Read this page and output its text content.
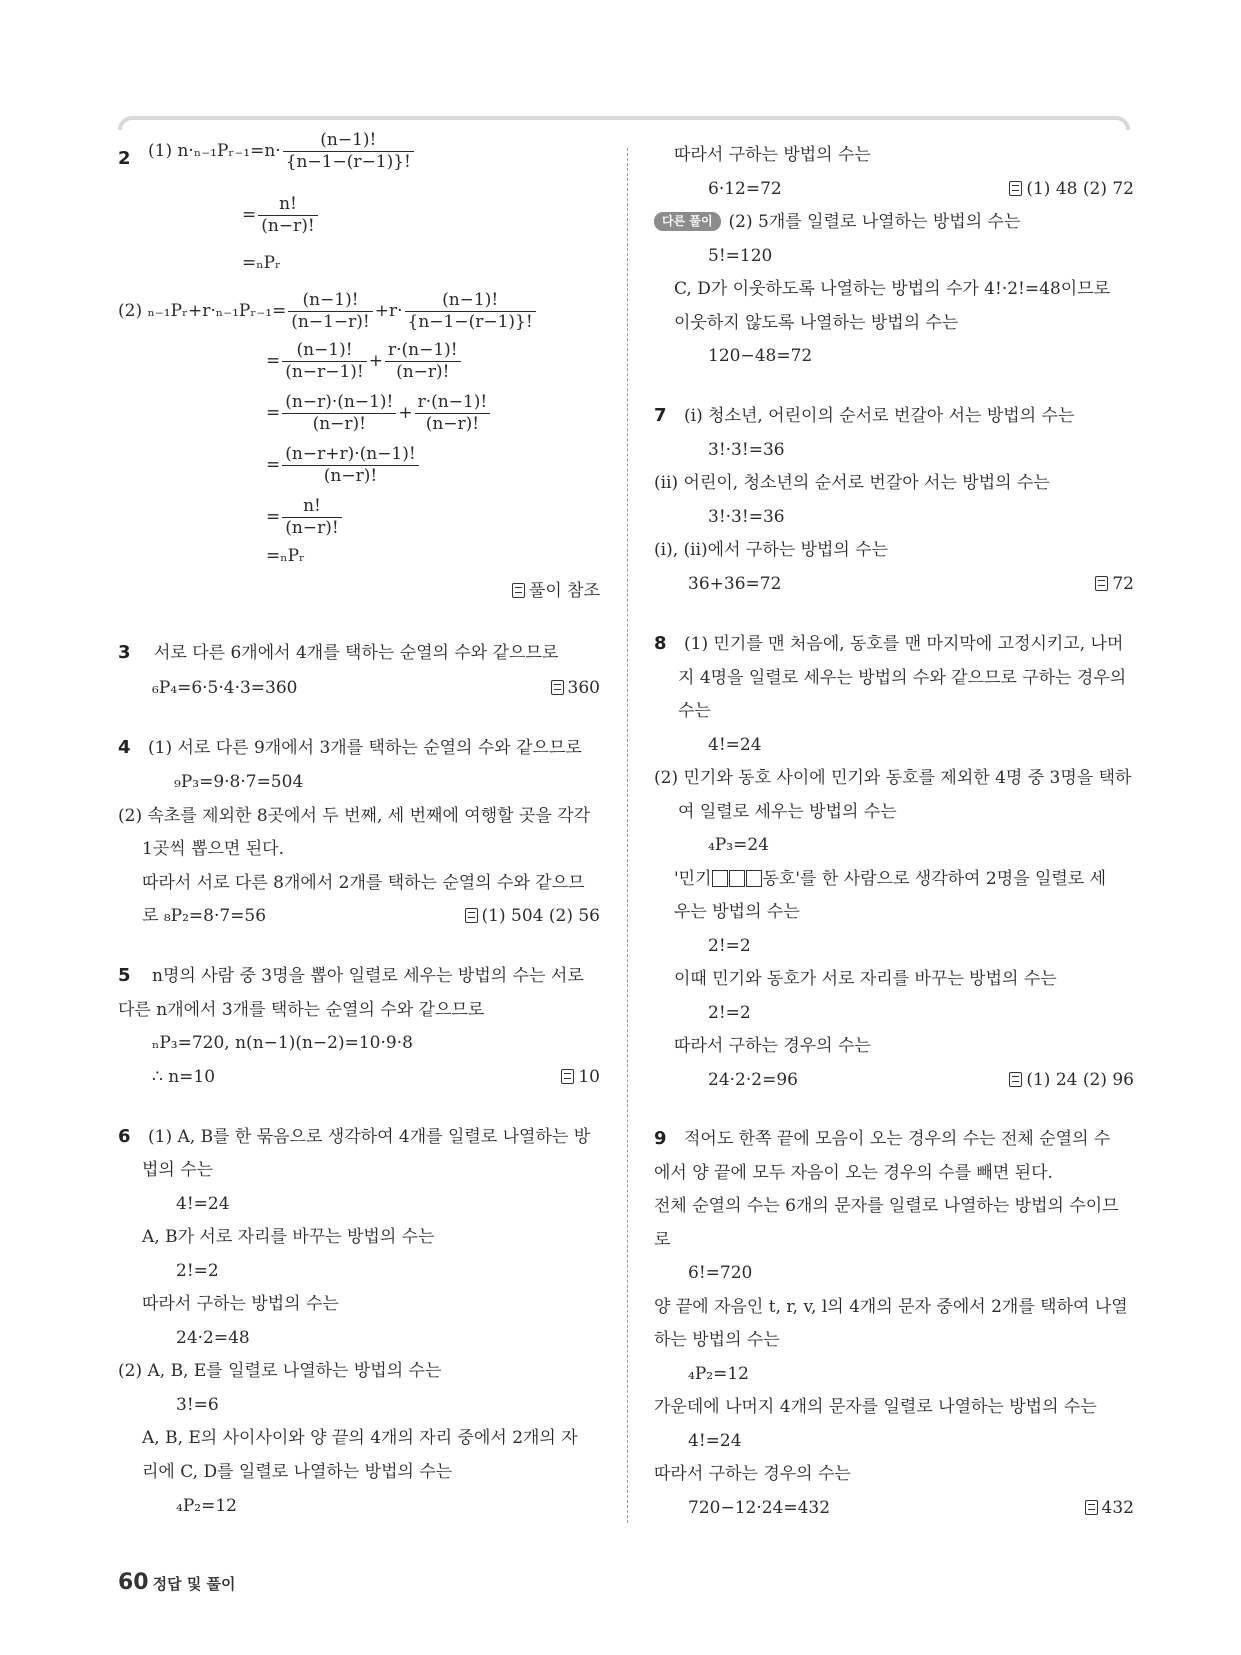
2 (1) n·ₙ₋₁Pᵣ₋₁=n· $\frac{(n-1)!}{\{n-1-(r-1)\}!}$
= $\frac{n!}{(n-r)!}$
=ₙPᵣ
(2) ₙ₋₁Pᵣ+r·ₙ₋₁Pᵣ₋₁= $\frac{(n-1)!}{(n-1-r)!} +r\cdot \frac{(n-1)!}{\{n-1-(r-1)\}!}$
= $\frac{(n-1)!}{(n-r-1)!} + \frac{r\cdot(n-1)!}{(n-r)!}$
= $\frac{(n-r)\cdot(n-1)!}{(n-r)!} + \frac{r\cdot(n-1)!}{(n-r)!}$
= $\frac{(n-r+r)\cdot(n-1)!}{(n-r)!}$
= $\frac{n!}{(n-r)!}$
=ₙPᵣ
풀이 참조
3 서로 다른 6개에서 4개를 택하는 순열의 수와 같으므로
₆P₄=6·5·4·3=360	360
4 (1) 서로 다른 9개에서 3개를 택하는 순열의 수와 같으므로
₉P₃=9·8·7=504
(2) 속초를 제외한 8곳에서 두 번째, 세 번째에 여행할 곳을 각각
1곳씩 뽑으면 된다.
따라서 서로 다른 8개에서 2개를 택하는 순열의 수와 같으므
로 ₈P₂=8·7=56	(1) 504 (2) 56
5 n명의 사람 중 3명을 뽑아 일렬로 세우는 방법의 수는 서로
다른 n개에서 3개를 택하는 순열의 수와 같으므로
ₙP₃=720, n(n−1)(n−2)=10·9·8
∴ n=10	10
6 (1) A, B를 한 묶음으로 생각하여 4개를 일렬로 나열하는 방
법의 수는
4!=24
A, B가 서로 자리를 바꾸는 방법의 수는
2!=2
따라서 구하는 방법의 수는
24·2=48
(2) A, B, E를 일렬로 나열하는 방법의 수는
3!=6
A, B, E의 사이사이와 양 끝의 4개의 자리 중에서 2개의 자
리에 C, D를 일렬로 나열하는 방법의 수는
₄P₂=12
따라서 구하는 방법의 수는
6·12=72	(1) 48 (2) 72
다른 풀이 (2) 5개를 일렬로 나열하는 방법의 수는
5!=120
C, D가 이웃하도록 나열하는 방법의 수가 4!·2!=48이므로
이웃하지 않도록 나열하는 방법의 수는
120−48=72
7 (ⅰ) 청소년, 어린이의 순서로 번갈아 서는 방법의 수는
3!·3!=36
(ⅱ) 어린이, 청소년의 순서로 번갈아 서는 방법의 수는
3!·3!=36
(ⅰ), (ⅱ)에서 구하는 방법의 수는
36+36=72	72
8 (1) 민기를 맨 처음에, 동호를 맨 마지막에 고정시키고, 나머
지 4명을 일렬로 세우는 방법의 수와 같으므로 구하는 경우의
수는
4!=24
(2) 민기와 동호 사이에 민기와 동호를 제외한 4명 중 3명을 택하
여 일렬로 세우는 방법의 수는
₄P₃=24
'민기	동호'를 한 사람으로 생각하여 2명을 일렬로 세
우는 방법의 수는
2!=2
이때 민기와 동호가 서로 자리를 바꾸는 방법의 수는
2!=2
따라서 구하는 경우의 수는
24·2·2=96	(1) 24 (2) 96
9 적어도 한쪽 끝에 모음이 오는 경우의 수는 전체 순열의 수
에서 양 끝에 모두 자음이 오는 경우의 수를 빼면 된다.
전체 순열의 수는 6개의 문자를 일렬로 나열하는 방법의 수이므
로
6!=720
양 끝에 자음인 t, r, v, l의 4개의 문자 중에서 2개를 택하여 나열
하는 방법의 수는
₄P₂=12
가운데에 나머지 4개의 문자를 일렬로 나열하는 방법의 수는
4!=24
따라서 구하는 경우의 수는
720−12·24=432	432
60 정답 및 풀이
